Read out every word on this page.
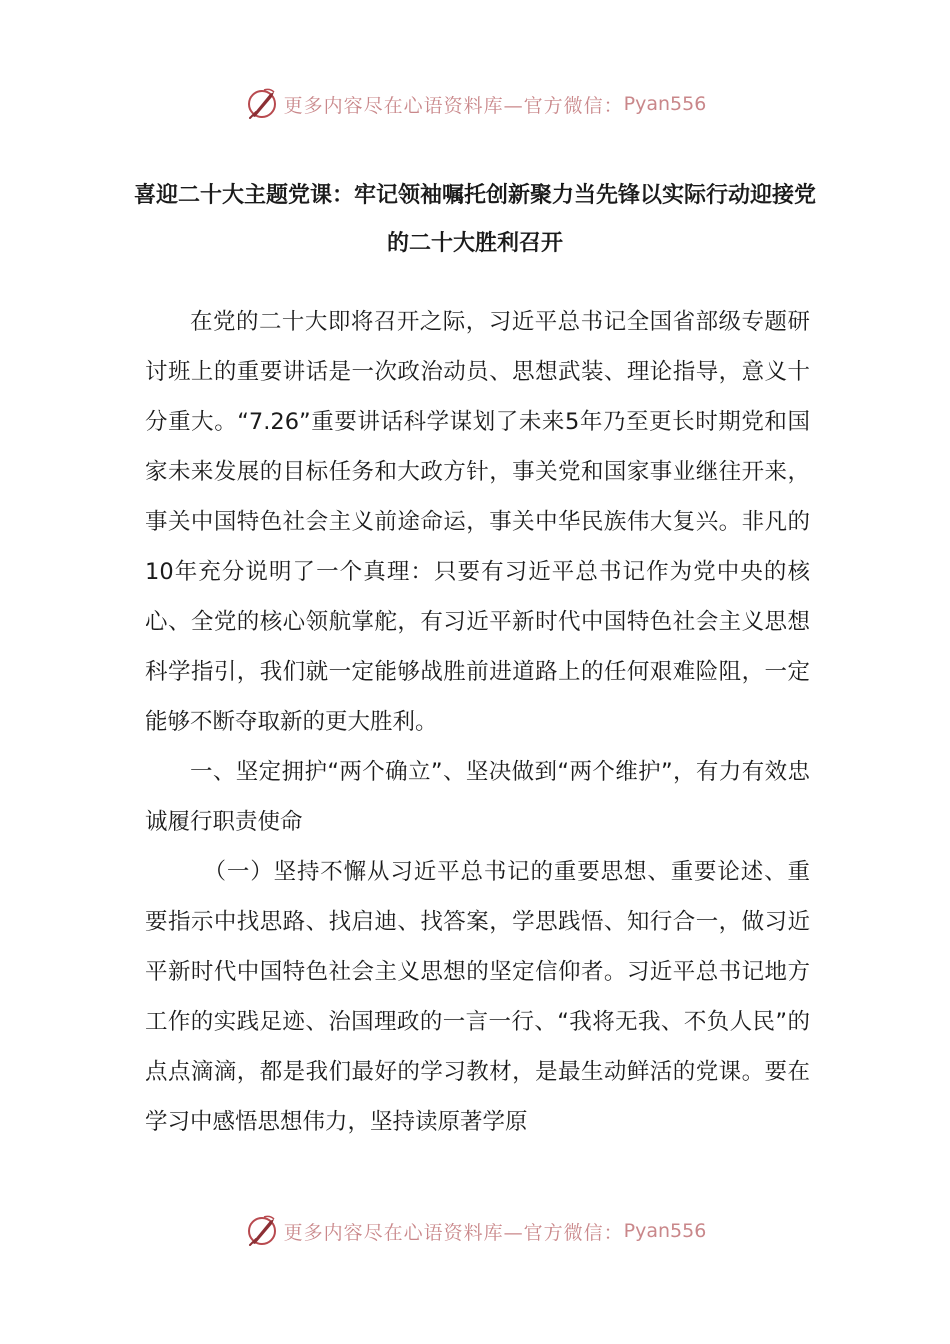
更多内容尽在心语资料库—官方微信： Pyan556
喜迎二十大主题党课：牢记领袖嘱托创新聚力当先锋以实际行动迎接党的二十大胜利召开

在党的二十大即将召开之际，习近平总书记全国省部级专题研讨班上的重要讲话是一次政治动员、思想武装、理论指导，意义十分重大。“7.26”重要讲话科学谋划了未来5年乃至更长时期党和国家未来发展的目标任务和大政方针，事关党和国家事业继往开来，事关中国特色社会主义前途命运，事关中华民族伟大复兴。非凡的10年充分说明了一个真理：只要有习近平总书记作为党中央的核心、全党的核心领航掌舵，有习近平新时代中国特色社会主义思想科学指引，我们就一定能够战胜前进道路上的任何艰难险阻，一定能够不断夺取新的更大胜利。

一、坚定拥护“两个确立”、坚决做到“两个维护”，有力有效忠诚履行职责使命

（一）坚持不懈从习近平总书记的重要思想、重要论述、重要指示中找思路、找启迪、找答案，学思践悟、知行合一，做习近平新时代中国特色社会主义思想的坚定信仰者。习近平总书记地方工作的实践足迹、治国理政的一言一行、“我将无我、不负人民”的点点滴滴，都是我们最好的学习教材，是最生动鲜活的党课。要在学习中感悟思想伟力，坚持读原著学原

更多内容尽在心语资料库—官方微信： Pyan556
